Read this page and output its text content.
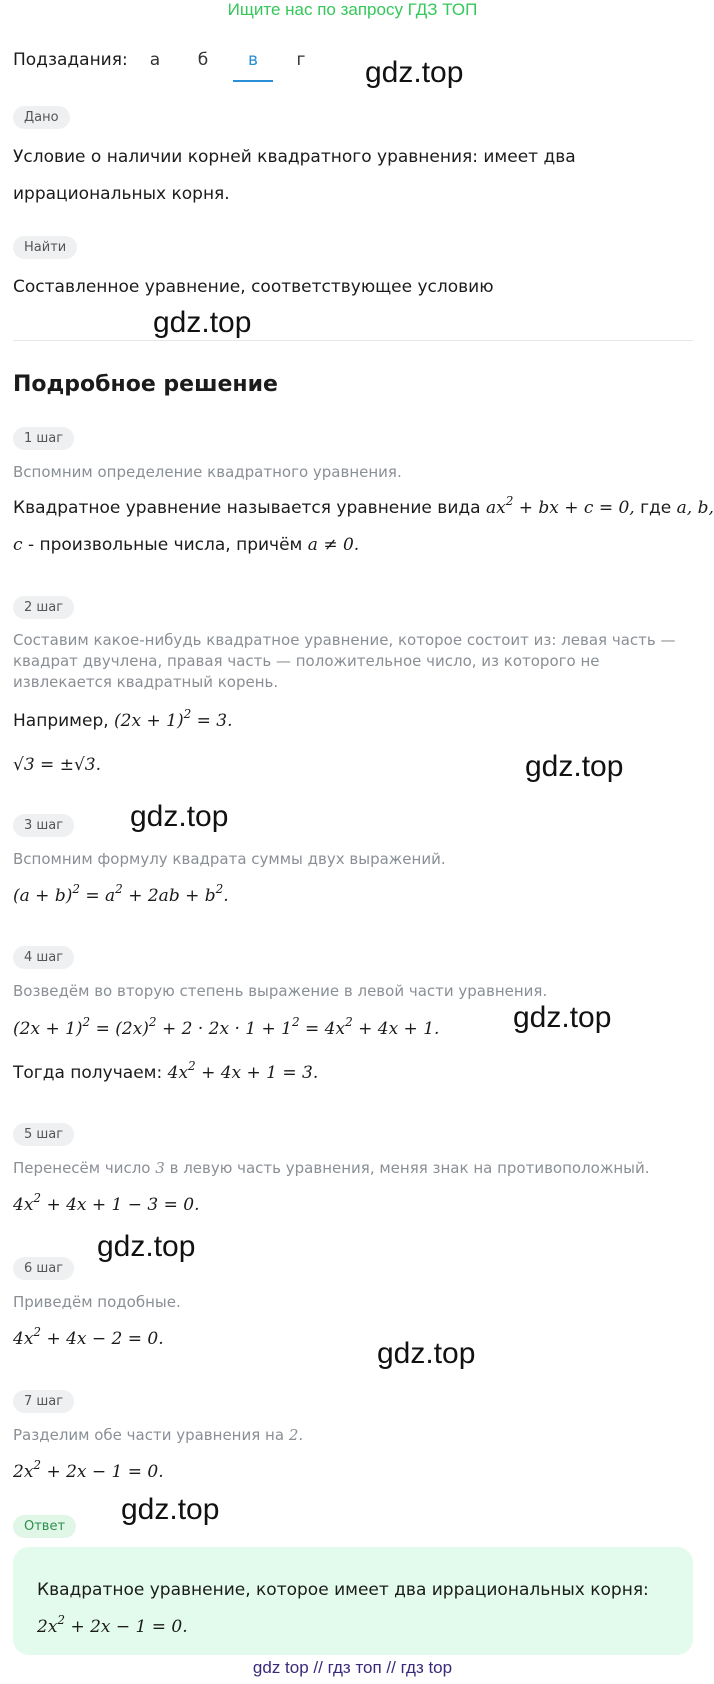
Ищите нас по запросу ГДЗ ТОП
Подзадания:	а	б	в	г
Дано
Условие о наличии корней квадратного уравнения: имеет два
иррациональных корня.
Найти
Составленное уравнение, соответствующее условию
Подробное решение
1 шаг
Вспомним определение квадратного уравнения.
Квадратное уравнение называется уравнение вида $ax^2$ + bx + c = 0, где a, b,
c - произвольные числа, причём a ≠ 0.
2 шаг
Составим какое-нибудь квадратное уравнение, которое состоит из: левая часть — квадрат двучлена, правая часть — положительное число, из которого не извлекается квадратный корень.
Например, $(2x + 1)^2 = 3$.
√3 = ±√3.
3 шаг
Вспомним формулу квадрата суммы двух выражений.
$(a + b)^2 = a^2 + 2ab + b^2$.
4 шаг
Возведём во вторую степень выражение в левой части уравнения.
$(2x + 1)^2 = (2x)^2 + 2 \cdot 2x \cdot 1 + 1^2 = 4x^2 + 4x + 1$.
Тогда получаем: $4x^2 + 4x + 1 = 3$.
5 шаг
Перенесём число 3 в левую часть уравнения, меняя знак на противоположный.
$4x^2 + 4x + 1 - 3 = 0$.
6 шаг
Приведём подобные.
$4x^2 + 4x - 2 = 0$.
7 шаг
Разделим обе части уравнения на 2.
$2x^2 + 2x - 1 = 0$.
Ответ
Квадратное уравнение, которое имеет два иррациональных корня:
$2x^2 + 2x - 1 = 0$.
gdz.top
gdz.top
gdz.top
gdz.top
gdz.top
gdz.top
gdz.top
gdz.top
gdz top // гдз топ // гдз top
